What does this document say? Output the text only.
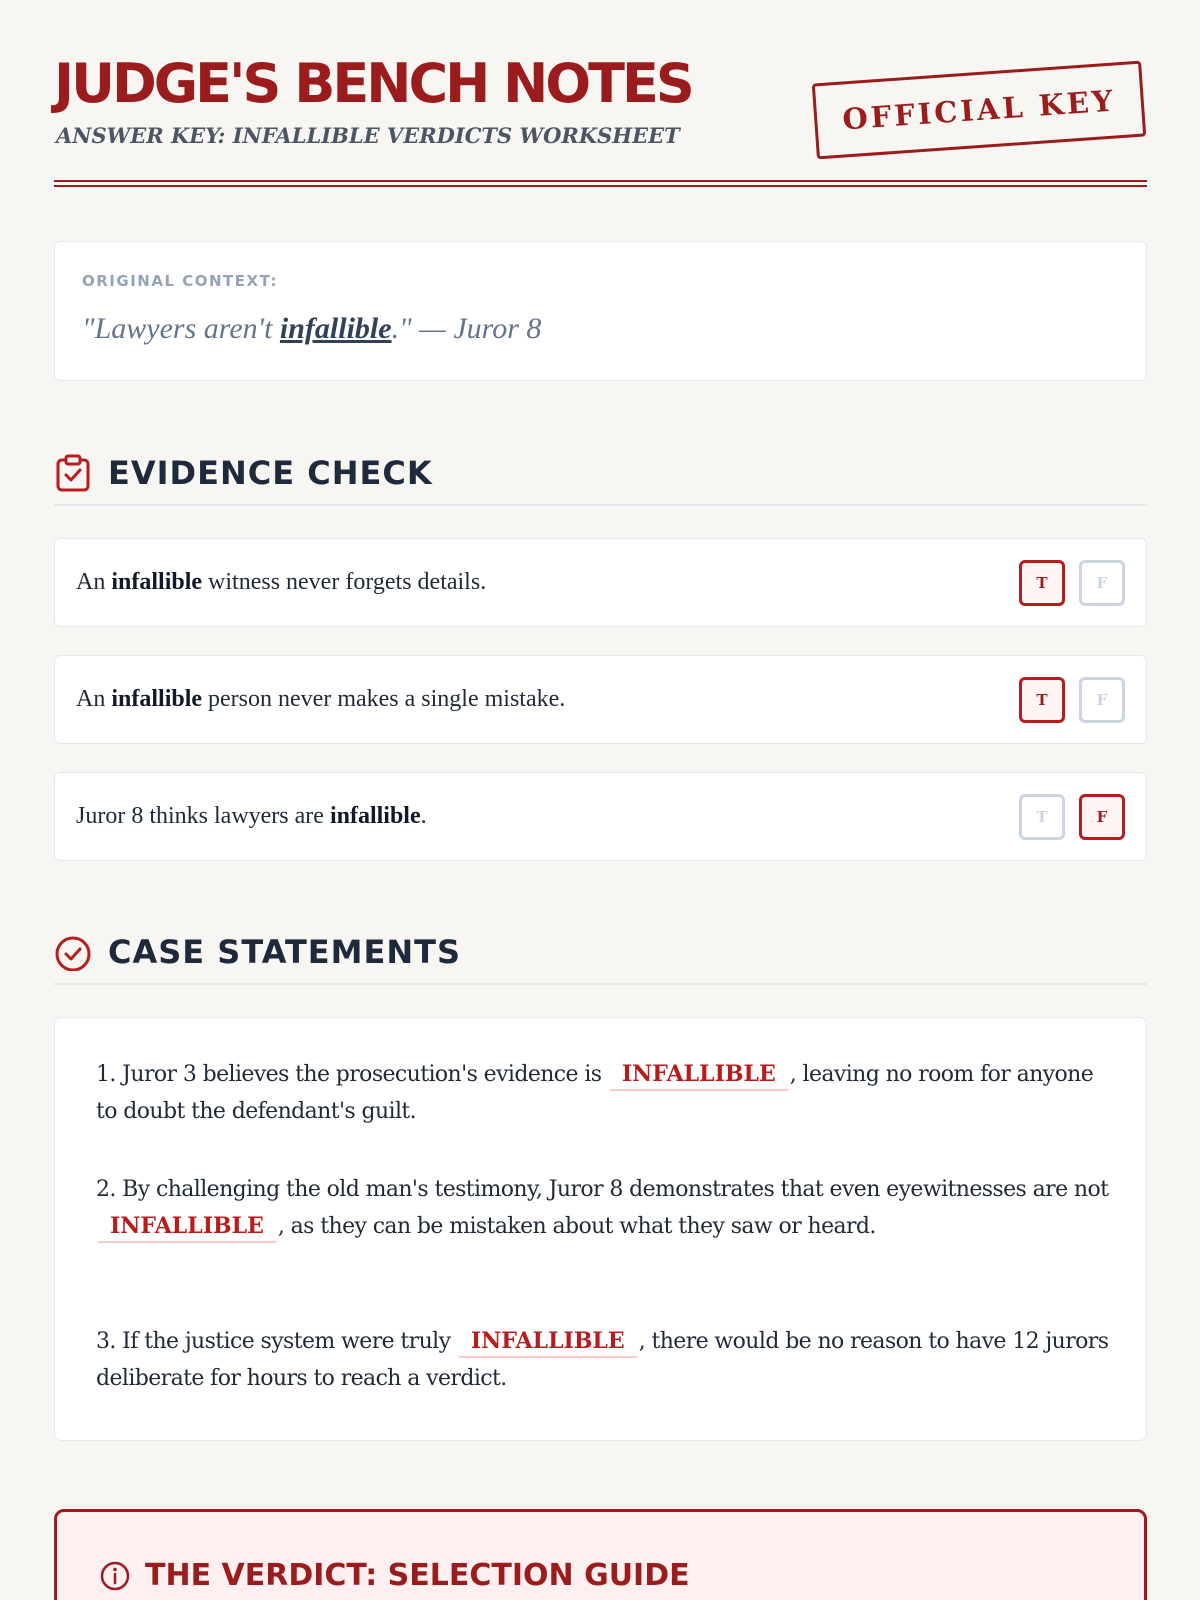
JUDGE'S BENCH NOTES
ANSWER KEY: INFALLIBLE VERDICTS WORKSHEET	OFFICIAL KEY
ORIGINAL CONTEXT:
"Lawyers aren't infallible." — Juror 8
EVIDENCE CHECK
An infallible witness never forgets details.	T	F
An infallible person never makes a single mistake.	T	F
Juror 8 thinks lawyers are infallible.	T	F
CASE STATEMENTS
1. Juror 3 believes the prosecution's evidence is INFALLIBLE , leaving no room for anyone to doubt the defendant's guilt.
2. By challenging the old man's testimony, Juror 8 demonstrates that even eyewitnesses are not INFALLIBLE , as they can be mistaken about what they saw or heard.
3. If the justice system were truly INFALLIBLE , there would be no reason to have 12 jurors deliberate for hours to reach a verdict.
THE VERDICT: SELECTION GUIDE
